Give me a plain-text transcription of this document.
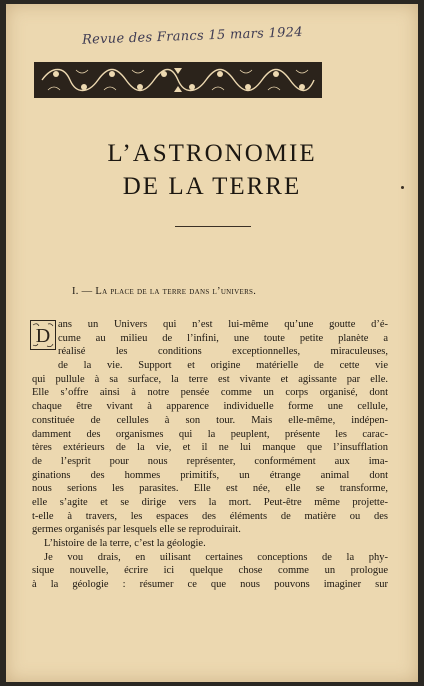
Revue des Francs 15 mars 1924
L’ASTRONOMIE
DE LA TERRE
I. — La place de la terre dans l’univers.
D
ans un Univers qui n’est lui-même qu’une goutte d’é-
cume au milieu de l’infini, une toute petite planète a
réalisé les conditions exceptionnelles, miraculeuses,
de la vie. Support et origine matérielle de cette vie
qui pullule à sa surface, la terre est vivante et agissante par elle.
Elle s’offre ainsi à notre pensée comme un corps organisé, dont
chaque être vivant à apparence individuelle forme une cellule,
constituée de cellules à son tour. Mais elle-même, indépen-
damment des organismes qui la peuplent, présente les carac-
tères extérieurs de la vie, et il ne lui manque que l’insufflation
de l’esprit pour nous représenter, conformément aux ima-
ginations des hommes primitifs, un étrange animal dont
nous serions les parasites. Elle est née, elle se transforme,
elle s’agite et se dirige vers la mort. Peut-être même projette-
t-elle à travers, les espaces des éléments de matière ou des
germes organisés par lesquels elle se reproduirait.
L’histoire de la terre, c’est la géologie.
Je vou drais, en uilisant certaines conceptions de la phy-
sique nouvelle, écrire ici quelque chose comme un prologue
à la géologie : résumer ce que nous pouvons imaginer sur
